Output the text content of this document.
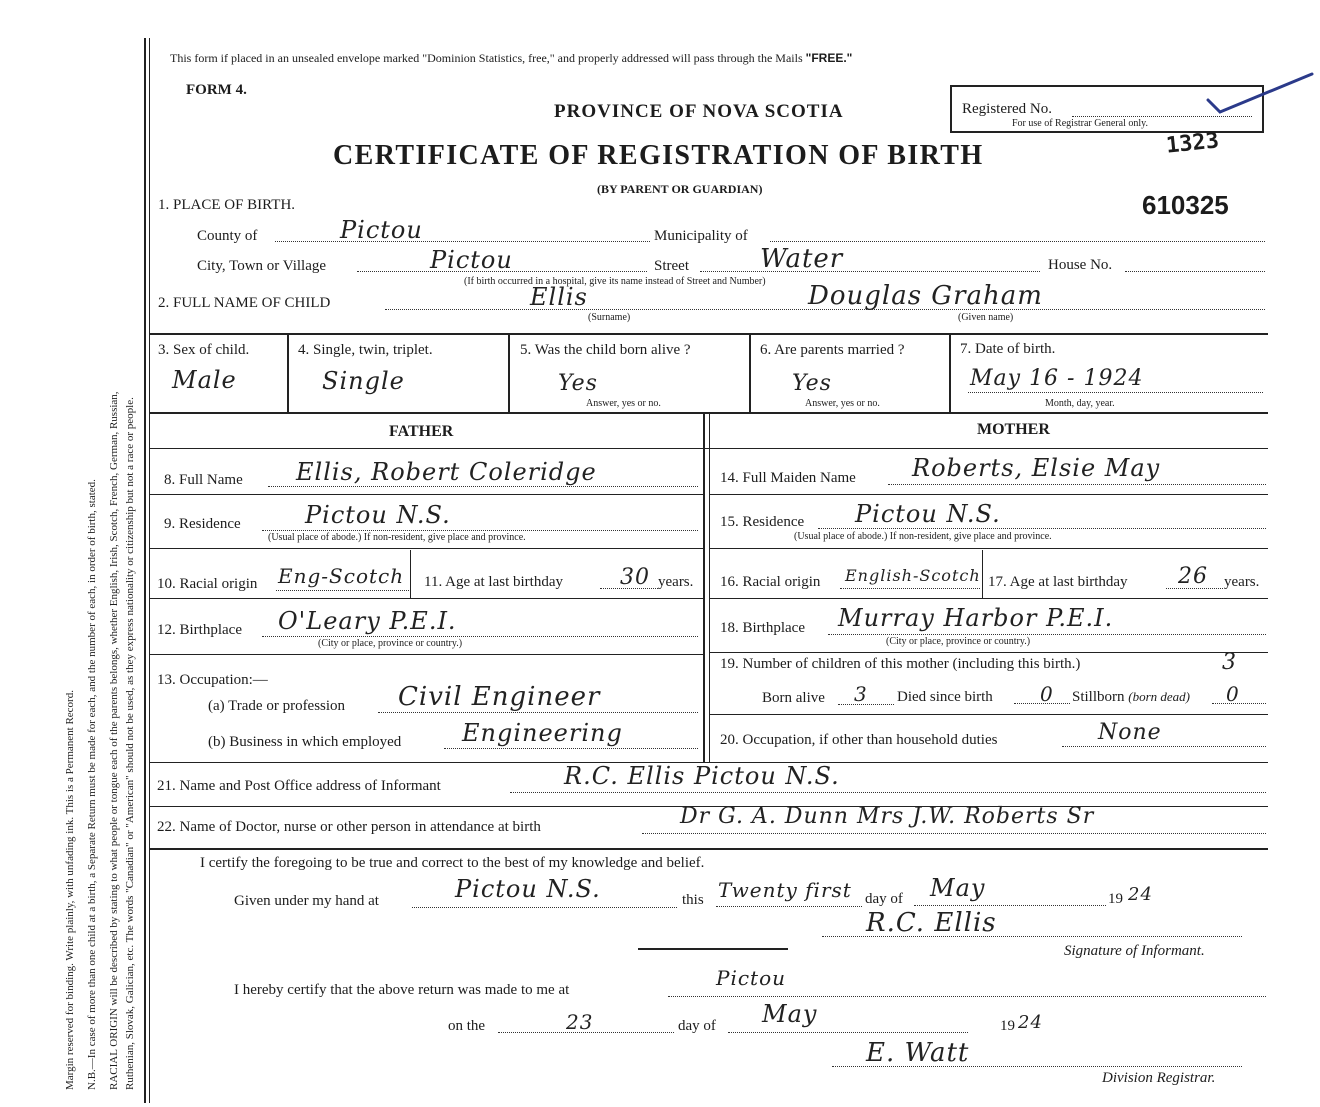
Margin reserved for binding. Write plainly, with unfading ink. This is a Permanent Record. N.B.—In case of more than one child at a birth, a Separate Return must be made for each, and the number of each, in order of birth, stated. RACIAL ORIGIN will be described by stating to what people or tongue each of the parents belongs, whether English, Irish, Scotch, French, German, Russian, Ruthenian, Slovak, Galician, etc. The words "Canadian" or "American" should not be used, as they express nationality or citizenship but not a race or people.
This form if placed in an unsealed envelope marked "Dominion Statistics, free," and properly addressed will pass through the Mails "FREE."
FORM 4.
PROVINCE OF NOVA SCOTIA
CERTIFICATE OF REGISTRATION OF BIRTH
(BY PARENT OR GUARDIAN)
Registered No.
For use of Registrar General only.
1323
610325
1. PLACE OF BIRTH.
County of	Pictou	Municipality of
City, Town or Village	Pictou	Street	Water	House No.
(If birth occurred in a hospital, give its name instead of Street and Number)
2. FULL NAME OF CHILD	Ellis
(Surname)
Douglas Graham
(Given name)
3. Sex of child.
Male
4. Single, twin, triplet.
Single
5. Was the child born alive ?
Yes
Answer, yes or no.
6. Are parents married ?
Yes
Answer, yes or no.
7. Date of birth.
May 16 - 1924
Month, day, year.
FATHER	MOTHER
8. Full Name Ellis, Robert Coleridge
9. Residence	Pictou N.S.
(Usual place of abode.) If non-resident, give place and province.
10. Racial origin Eng-Scotch 11. Age at last birthday	30 years.
12. Birthplace O'Leary P.E.I.
(City or place, province or country.)
13. Occupation:—
(a) Trade or profession Civil Engineer
(b) Business in which employed	Engineering
14. Full Maiden Name Roberts, Elsie May
15. Residence Pictou N.S.
(Usual place of abode.) If non-resident, give place and province.
16. Racial origin English-Scotch 17. Age at last birthday 26 years.
18. Birthplace Murray Harbor P.E.I.
(City or place, province or country.)
19. Number of children of this mother (including this birth.)	3
Born alive 3 Died since birth 0 Stillborn (born dead) 0
20. Occupation, if other than household duties	None
21. Name and Post Office address of Informant	R.C. Ellis Pictou N.S.
22. Name of Doctor, nurse or other person in attendance at birth	Dr G. A. Dunn Mrs J.W. Roberts Sr
I certify the foregoing to be true and correct to the best of my knowledge and belief.
Given under my hand at	Pictou N.S.	this Twenty first day of May	19 24
R.C. Ellis
Signature of Informant.
I hereby certify that the above return was made to me at	Pictou
on the	23	day of May	19 24
E. Watt
Division Registrar.
